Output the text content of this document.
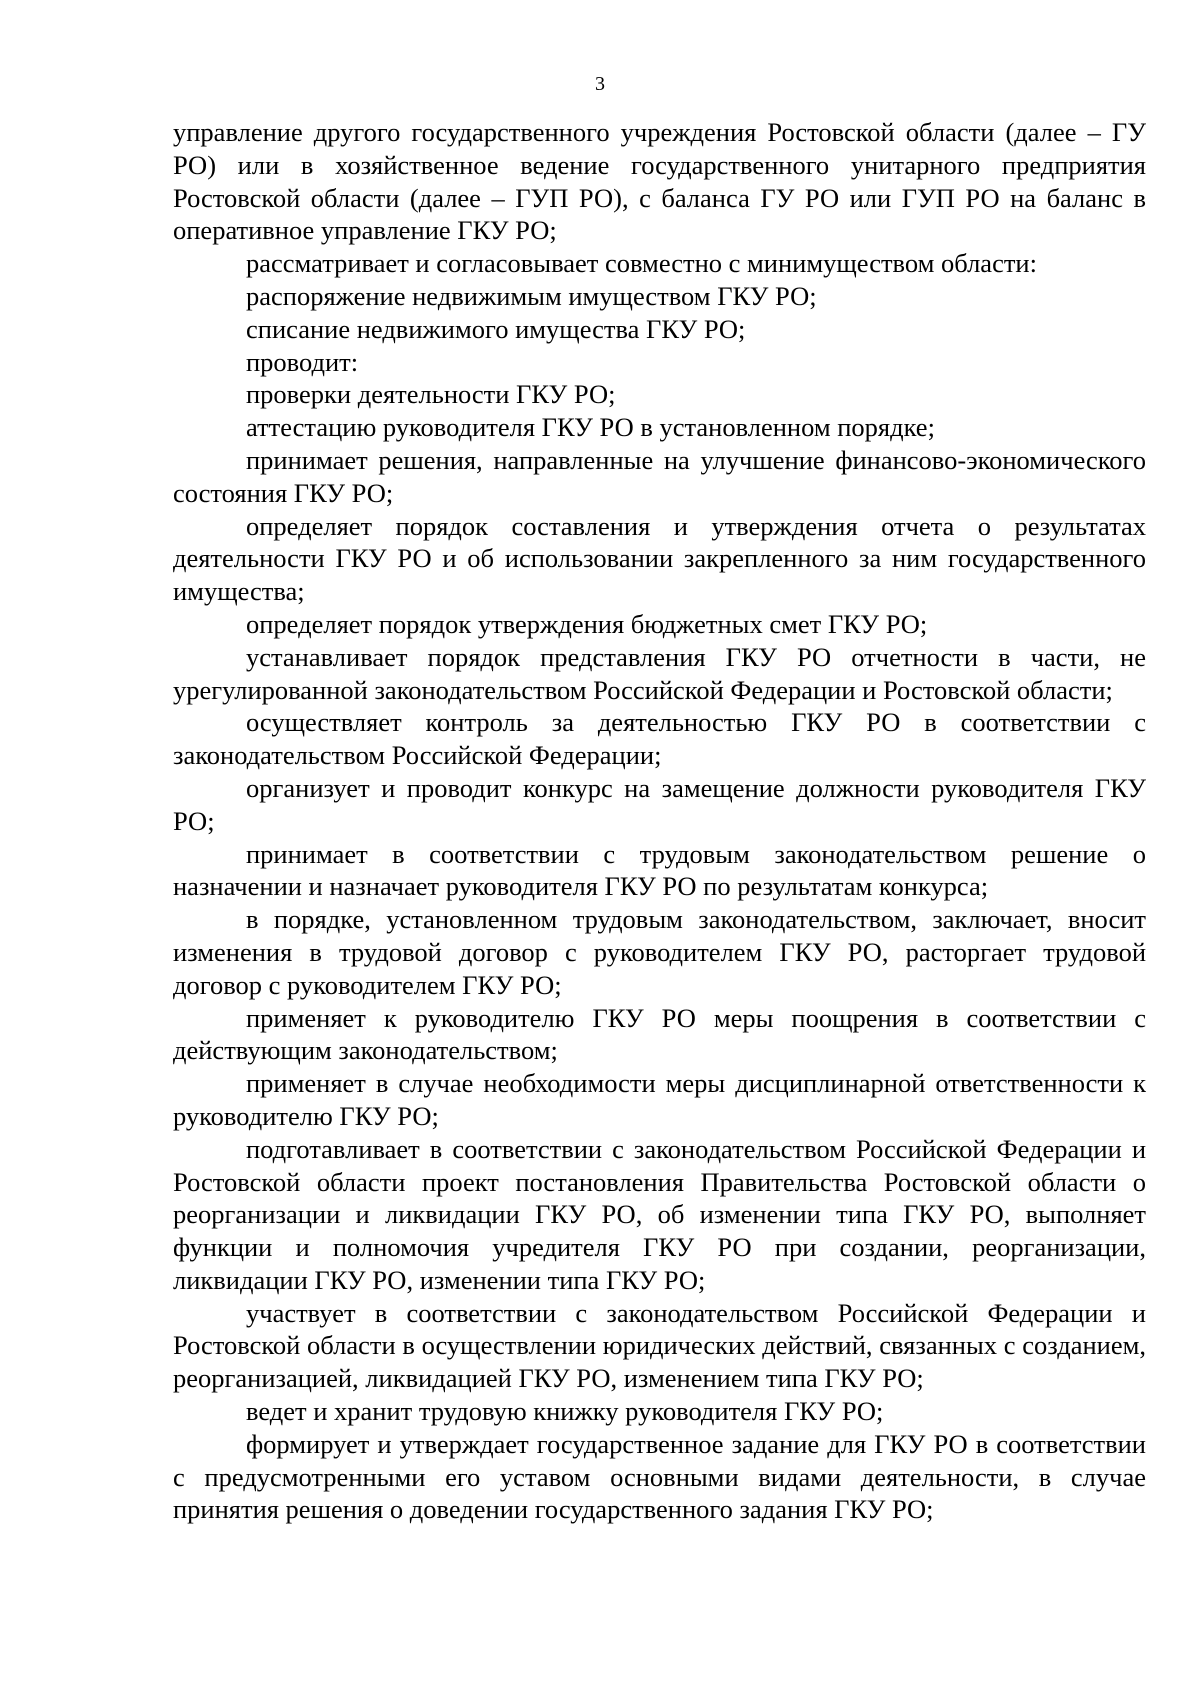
3

управление другого государственного учреждения Ростовской области (далее – ГУ РО) или в хозяйственное ведение государственного унитарного предприятия Ростовской области (далее – ГУП РО), с баланса ГУ РО или ГУП РО на баланс в оперативное управление ГКУ РО;

рассматривает и согласовывает совместно с минимуществом области:

распоряжение недвижимым имуществом ГКУ РО;

списание недвижимого имущества ГКУ РО;

проводит:

проверки деятельности ГКУ РО;

аттестацию руководителя ГКУ РО в установленном порядке;

принимает решения, направленные на улучшение финансово-экономического состояния ГКУ РО;

определяет порядок составления и утверждения отчета о результатах деятельности ГКУ РО и об использовании закрепленного за ним государственного имущества;

определяет порядок утверждения бюджетных смет ГКУ РО;

устанавливает порядок представления ГКУ РО отчетности в части, не урегулированной законодательством Российской Федерации и Ростовской области;

осуществляет контроль за деятельностью ГКУ РО в соответствии с законодательством Российской Федерации;

организует и проводит конкурс на замещение должности руководителя ГКУ РО;

принимает в соответствии с трудовым законодательством решение о назначении и назначает руководителя ГКУ РО по результатам конкурса;

в порядке, установленном трудовым законодательством, заключает, вносит изменения в трудовой договор с руководителем ГКУ РО, расторгает трудовой договор с руководителем ГКУ РО;

применяет к руководителю ГКУ РО меры поощрения в соответствии с действующим законодательством;

применяет в случае необходимости меры дисциплинарной ответственности к руководителю ГКУ РО;

подготавливает в соответствии с законодательством Российской Федерации и Ростовской области проект постановления Правительства Ростовской области о реорганизации и ликвидации ГКУ РО, об изменении типа ГКУ РО, выполняет функции и полномочия учредителя ГКУ РО при создании, реорганизации, ликвидации ГКУ РО, изменении типа ГКУ РО;

участвует в соответствии с законодательством Российской Федерации и Ростовской области в осуществлении юридических действий, связанных с созданием, реорганизацией, ликвидацией ГКУ РО, изменением типа ГКУ РО;

ведет и хранит трудовую книжку руководителя ГКУ РО;

формирует и утверждает государственное задание для ГКУ РО в соответствии с предусмотренными его уставом основными видами деятельности, в случае принятия решения о доведении государственного задания ГКУ РО;
